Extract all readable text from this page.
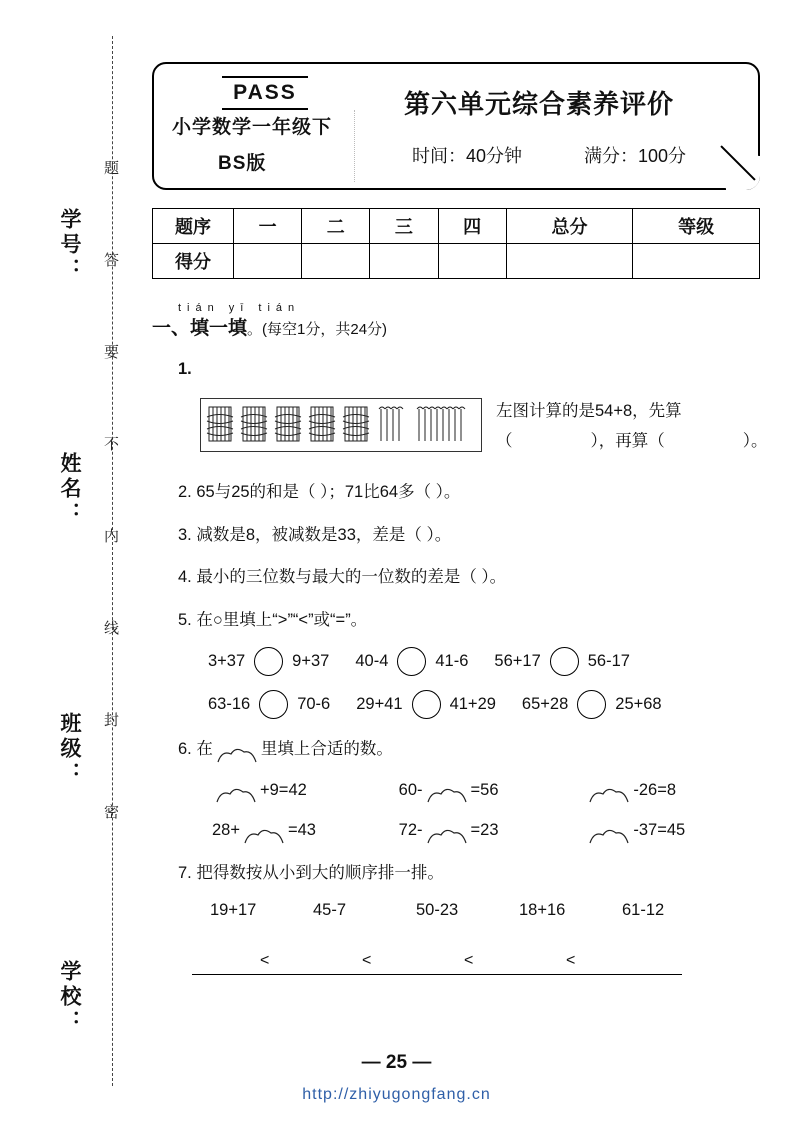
学号：
姓名：
班级：
学校：
题 答 要 不 内 线 封 密
PASS
小学数学一年级下
BS版
第六单元综合素养评价
时间：40分钟	满分：100分
题序	一	二	三	四	总分	等级
得分						
tián yī tián
一、填一填。(每空1分，共24分)
1.
左图计算的是54+8，先算
（	），再算（	）。
2. 65与25的和是（ ）；71比64多（ ）。
3. 减数是8，被减数是33，差是（ ）。
4. 最小的三位数与最大的一位数的差是（ ）。
5. 在○里填上“>”“<”或“=”。
3+37	9+37 40-4	41-6 56+17	56-17
63-16	70-6 29+41	41+29 65+28	25+68
6. 在	里填上合适的数。
+9=42	60-	=56	-26=8
28+	=43	72-	=23	-37=45
7. 把得数按从小到大的顺序排一排。
19+17	45-7	50-23	18+16	61-12
<	<	<	<
— 25 —
http://zhiyugongfang.cn
